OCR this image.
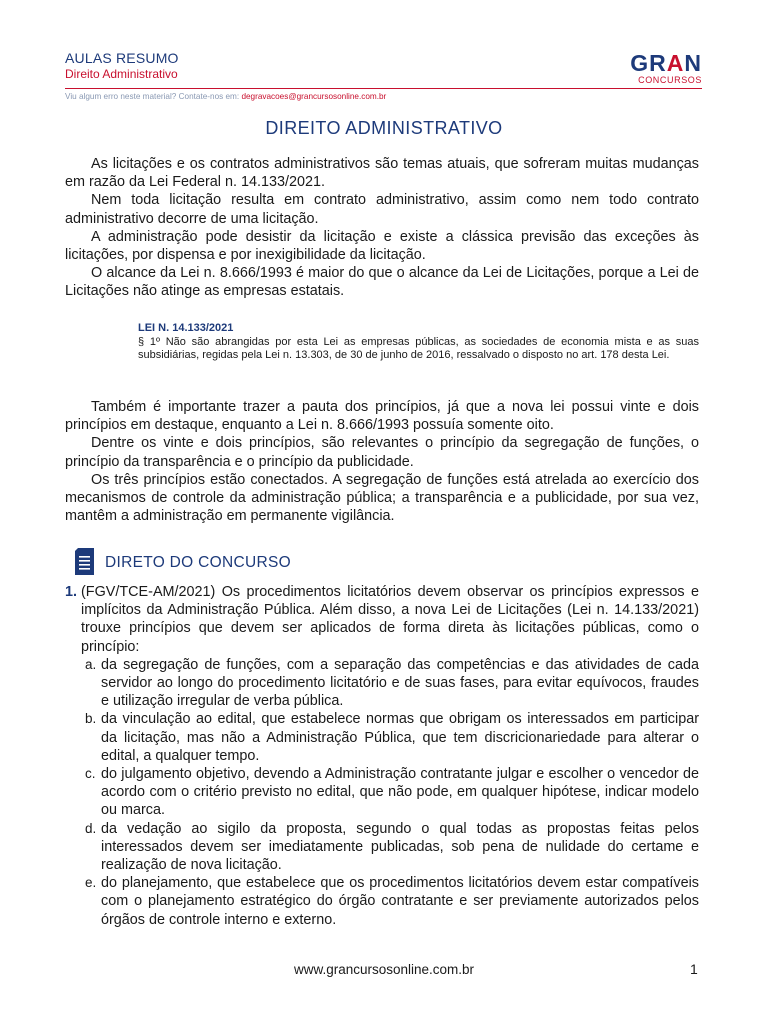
AULAS RESUMO
Direito Administrativo	GRAN
CONCURSOS
Viu algum erro neste material? Contate-nos em: degravacoes@grancursosonline.com.br
DIREITO ADMINISTRATIVO

As licitações e os contratos administrativos são temas atuais, que sofreram muitas mudanças em razão da Lei Federal n. 14.133/2021.

Nem toda licitação resulta em contrato administrativo, assim como nem todo contrato administrativo decorre de uma licitação.

A administração pode desistir da licitação e existe a clássica previsão das exceções às licitações, por dispensa e por inexigibilidade da licitação.

O alcance da Lei n. 8.666/1993 é maior do que o alcance da Lei de Licitações, porque a Lei de Licitações não atinge as empresas estatais.

LEI N. 14.133/2021
§ 1º Não são abrangidas por esta Lei as empresas públicas, as sociedades de economia mista e as suas subsidiárias, regidas pela Lei n. 13.303, de 30 de junho de 2016, ressalvado o disposto no art. 178 desta Lei.

Também é importante trazer a pauta dos princípios, já que a nova lei possui vinte e dois princípios em destaque, enquanto a Lei n. 8.666/1993 possuía somente oito.

Dentre os vinte e dois princípios, são relevantes o princípio da segregação de funções, o princípio da transparência e o princípio da publicidade.

Os três princípios estão conectados. A segregação de funções está atrelada ao exercício dos mecanismos de controle da administração pública; a transparência e a publicidade, por sua vez, mantêm a administração em permanente vigilância.

DIRETO DO CONCURSO
1. (FGV/TCE-AM/2021) Os procedimentos licitatórios devem observar os princípios expressos e implícitos da Administração Pública. Além disso, a nova Lei de Licitações (Lei n. 14.133/2021) trouxe princípios que devem ser aplicados de forma direta às licitações públicas, como o princípio:
a. da segregação de funções, com a separação das competências e das atividades de cada servidor ao longo do procedimento licitatório e de suas fases, para evitar equívocos, fraudes e utilização irregular de verba pública.
b. da vinculação ao edital, que estabelece normas que obrigam os interessados em participar da licitação, mas não a Administração Pública, que tem discricionariedade para alterar o edital, a qualquer tempo.
c. do julgamento objetivo, devendo a Administração contratante julgar e escolher o vencedor de acordo com o critério previsto no edital, que não pode, em qualquer hipótese, indicar modelo ou marca.
d. da vedação ao sigilo da proposta, segundo o qual todas as propostas feitas pelos interessados devem ser imediatamente publicadas, sob pena de nulidade do certame e realização de nova licitação.
e. do planejamento, que estabelece que os procedimentos licitatórios devem estar compatíveis com o planejamento estratégico do órgão contratante e ser previamente autorizados pelos órgãos de controle interno e externo.
www.grancursosonline.com.br	1
